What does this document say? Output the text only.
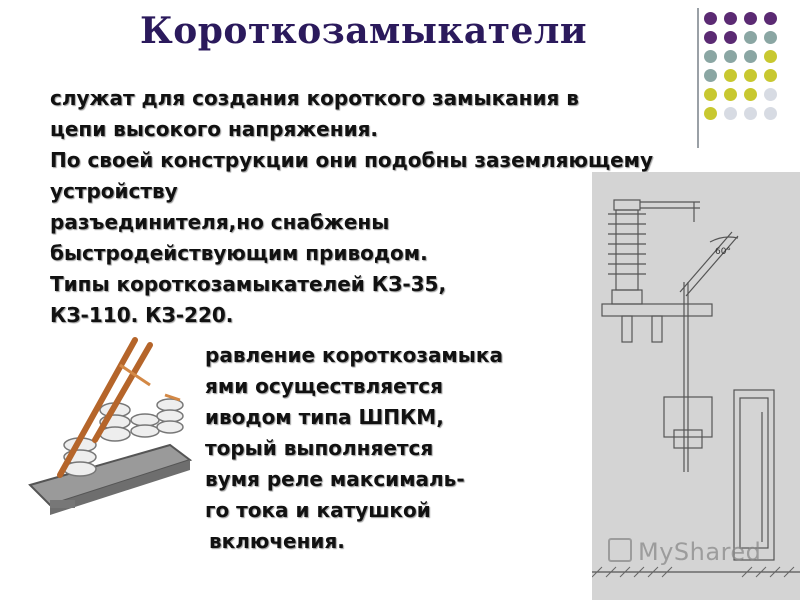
Короткозамыкатели
служат для создания короткого замыкания в
цепи высокого напряжения.
По своей конструкции они подобны заземляющему
устройству
разъединителя,но снабжены
быстродействующим приводом.
Типы короткозамыкателей КЗ-35,
КЗ-110. КЗ-220.
равление короткозамыка
ями осуществляется
иводом типа ШПКМ,
торый выполняется
вумя реле максималь-
го тока и катушкой
включения.
60°
MyShared
